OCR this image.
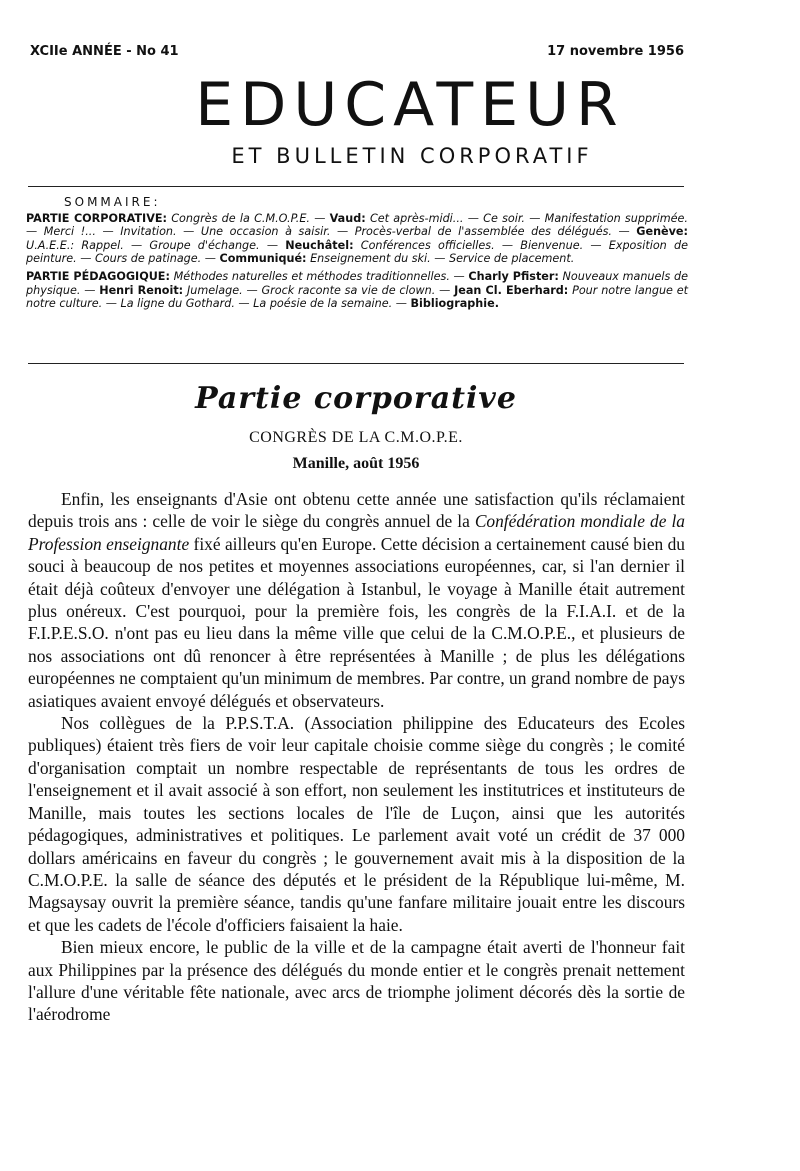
XCIIe ANNÉE - No 41	17 novembre 1956
EDUCATEUR
ET BULLETIN CORPORATIF
SOMMAIRE:

PARTIE CORPORATIVE: Congrès de la C.M.O.P.E. — Vaud: Cet après-midi... — Ce soir. — Manifestation supprimée. — Merci !... — Invitation. — Une occasion à saisir. — Procès-verbal de l'assemblée des délégués. — Genève: U.A.E.E.: Rappel. — Groupe d'échange. — Neuchâtel: Conférences officielles. — Bienvenue. — Exposition de peinture. — Cours de patinage. — Communiqué: Enseignement du ski. — Service de placement.

PARTIE PÉDAGOGIQUE: Méthodes naturelles et méthodes traditionnelles. — Charly Pfister: Nouveaux manuels de physique. — Henri Renoit: Jumelage. — Grock raconte sa vie de clown. — Jean Cl. Eberhard: Pour notre langue et notre culture. — La ligne du Gothard. — La poésie de la semaine. — Bibliographie.

Partie corporative
CONGRÈS DE LA C.M.O.P.E.
Manille, août 1956

Enfin, les enseignants d'Asie ont obtenu cette année une satisfaction qu'ils réclamaient depuis trois ans : celle de voir le siège du congrès annuel de la Confédération mondiale de la Profession enseignante fixé ailleurs qu'en Europe. Cette décision a certainement causé bien du souci à beaucoup de nos petites et moyennes associations européennes, car, si l'an dernier il était déjà coûteux d'envoyer une délégation à Istanbul, le voyage à Manille était autrement plus onéreux. C'est pourquoi, pour la première fois, les congrès de la F.I.A.I. et de la F.I.P.E.S.O. n'ont pas eu lieu dans la même ville que celui de la C.M.O.P.E., et plusieurs de nos associations ont dû renoncer à être représentées à Manille ; de plus les délégations européennes ne comptaient qu'un minimum de membres. Par contre, un grand nombre de pays asiatiques avaient envoyé délégués et observateurs.

Nos collègues de la P.P.S.T.A. (Association philippine des Educateurs des Ecoles publiques) étaient très fiers de voir leur capitale choisie comme siège du congrès ; le comité d'organisation comptait un nombre respectable de représentants de tous les ordres de l'enseignement et il avait associé à son effort, non seulement les institutrices et instituteurs de Manille, mais toutes les sections locales de l'île de Luçon, ainsi que les autorités pédagogiques, administratives et politiques. Le parlement avait voté un crédit de 37 000 dollars américains en faveur du congrès ; le gouvernement avait mis à la disposition de la C.M.O.P.E. la salle de séance des députés et le président de la République lui-même, M. Magsaysay ouvrit la première séance, tandis qu'une fanfare militaire jouait entre les discours et que les cadets de l'école d'officiers faisaient la haie.

Bien mieux encore, le public de la ville et de la campagne était averti de l'honneur fait aux Philippines par la présence des délégués du monde entier et le congrès prenait nettement l'allure d'une véritable fête nationale, avec arcs de triomphe joliment décorés dès la sortie de l'aérodrome
